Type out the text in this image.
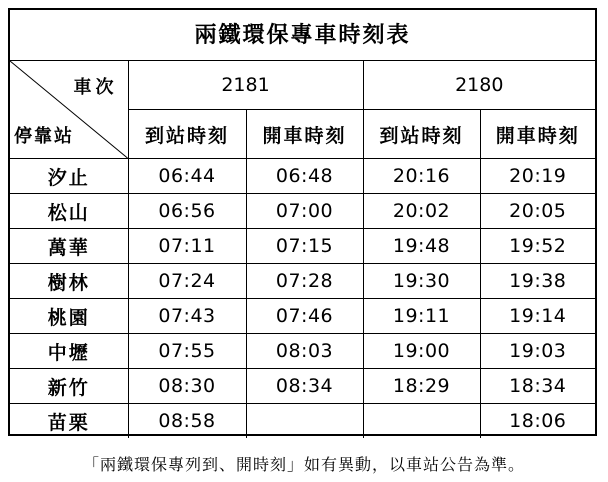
兩鐵環保專車時刻表
車次
停靠站	2181		2180	
	到站時刻	開車時刻	到站時刻	開車時刻
汐止	06:44	06:48	20:16	20:19
松山	06:56	07:00	20:02	20:05
萬華	07:11	07:15	19:48	19:52
樹林	07:24	07:28	19:30	19:38
桃園	07:43	07:46	19:11	19:14
中壢	07:55	08:03	19:00	19:03
新竹	08:30	08:34	18:29	18:34
苗栗	08:58			18:06
「兩鐵環保專列到、開時刻」如有異動，以車站公告為準。
